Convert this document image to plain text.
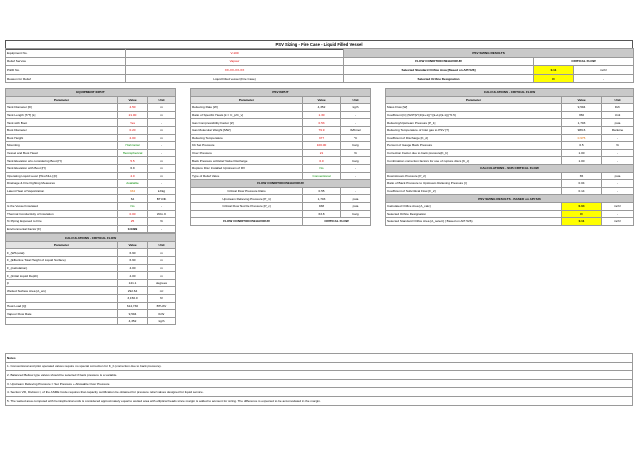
PSV Sizing - Fire Case - Liquid Filled Vessel
Equipment No.	V-100	PSV SIZING RESULTS		
Relief Service	Vapour	FLOW CONDITION BEHAVIOUR	CRITICAL FLOW	
P&ID No.	XX-XX-XX-XX	Selected Standard Orifice Area [Based on API 526]	0.11	inch²
Reason for Relief	Liquid Filled vessel (Fire Case)	Selected Orifice Designation	D	-
EQUIPMENT INPUT		
Parameter	Value	Unit
Tank Diameter [D]	4.50	m
Tank Length [T/T] [L]	21.00	m
Tank with Boot	Yes	-
Boot Diameter	0.20	m
Boot Height	2.00	m
Mounting	Horizontal	-
Vessel and Boot Head	Hemispherical	-
Tank Elevation w/o considering Boot [H]	5.5	m
Tank Elevation with Boot [H]	6.9	m
Operating Liquid Level [HLL/NLL] [F]	4.0	m
Drainage & Fire Fighting Measures	Available	-
Latent Heat of Vaporization	334	kJ/kg
	64	BTU/lb
Is the Vessel Insulated	No	-
Thermal Conductivity of Insulation	0.00	W/m.K
% Piping Exposed to Fire	25	%
Environmental Factor [F]	0.0399	-
CALCULATIONS - CRITICAL FLOW		
Parameter	Value	Unit
F_(WS,total)	6.90	m
F_(Effective Total Height of Liquid Surface)	6.90	m
F_(calculation)	4.00	m
F_(Initial Liquid Depth)	4.00	m
β	141.1	degrees
Wetted Surface Area [A_ws]	292.64	m²
	3,150.0	ft²
Heat Load [Q]	614,730	BTU/hr
Vapour Flow Rate	9,594	lb/hr
	4,352	kg/h
PSV INPUT		
Parameter	Value	Unit
Relieving Rate [W]	4,352	kg/h
Ratio of Specific Heats [k = C_p/C_v]	1.30	-
Gas Compressibility Factor [Z]	0.53	-
Gas Molecular Weight [MW]	79.9	lb/lbmol
Relieving Temperature	377	°C
Kb Set Pressure	100.00	barg
Over Pressure	21	%
Back Pressure at Relief Valve Discharge	0.0	barg
Rupture Disc Installed Upstream of RV	No	-
Type of Relief Valve	Conventional	-
FLOW CONDITION BEHAVIOUR		
Critical Flow Pressure Ratio	0.55	-
Upstream Relieving Pressure [P_1]	1,703	psia
Critical Flow Nozzle Pressure [P_c]	938	psia
	63.8	barg
FLOW CONDITION BEHAVIOUR	CRITICAL FLOW	
CALCULATIONS - CRITICAL FLOW		
Parameter	Value	Unit
Mass Flow [W]	9,594	lb/h
Coefficient [C] (520*(k*(2/(k+1))^((k+1)/(k-1)))^0.5)	350	Unit
Relieving/Upstream Pressure [P_1]	1,703	psia
Relieving Temperature of Inlet gas to PSV [T]	989.6	Rankine
Coefficient of Discharge [K_d]	0.975	-
Percent of Gauge Back Pressure	0.5	%
Correction Factor due to back pressure[K_b]	1.00	-
Combination correction factors for use of rupture discs [K_c]	1.00	-
CALCULATIONS - SUB CRITICAL FLOW		
Downstream Pressure [P_2]	65	psia
Ratio of Back Pressure to Upstream Relieving Pressure [r]	0.04	-
Coefficient of Subcritical Flow [F_2]	0.14	-
PSV SIZING RESULTS - BASED on API 526		
Calculated Orifice Area [A_calc]	0.04	inch²
Selected Orifice Designation	D	-
Selected Standard Orifice Area [A_select] ( Based on API 526)	0.11	inch²
Notes
1. Conventional and pilot operated valves require no special correction for K_b (correction due to back pressure).
2. Balanced Bellow type valves should be selected if back pressure is a variable.
3. Upstream Relieving Pressure = Set Pressure + Allowable Over Pressure
4. Section VIII, Division I, of the ASME Code requires that capacity certification be obtained for pressure relief valves designed for liquid service.
5. The wetted area computed with hemispherical ends is considered approximately equal to wetted area with elliptical heads since margin is added to account for sizing. The difference is expected to be accomodated in the margin.
